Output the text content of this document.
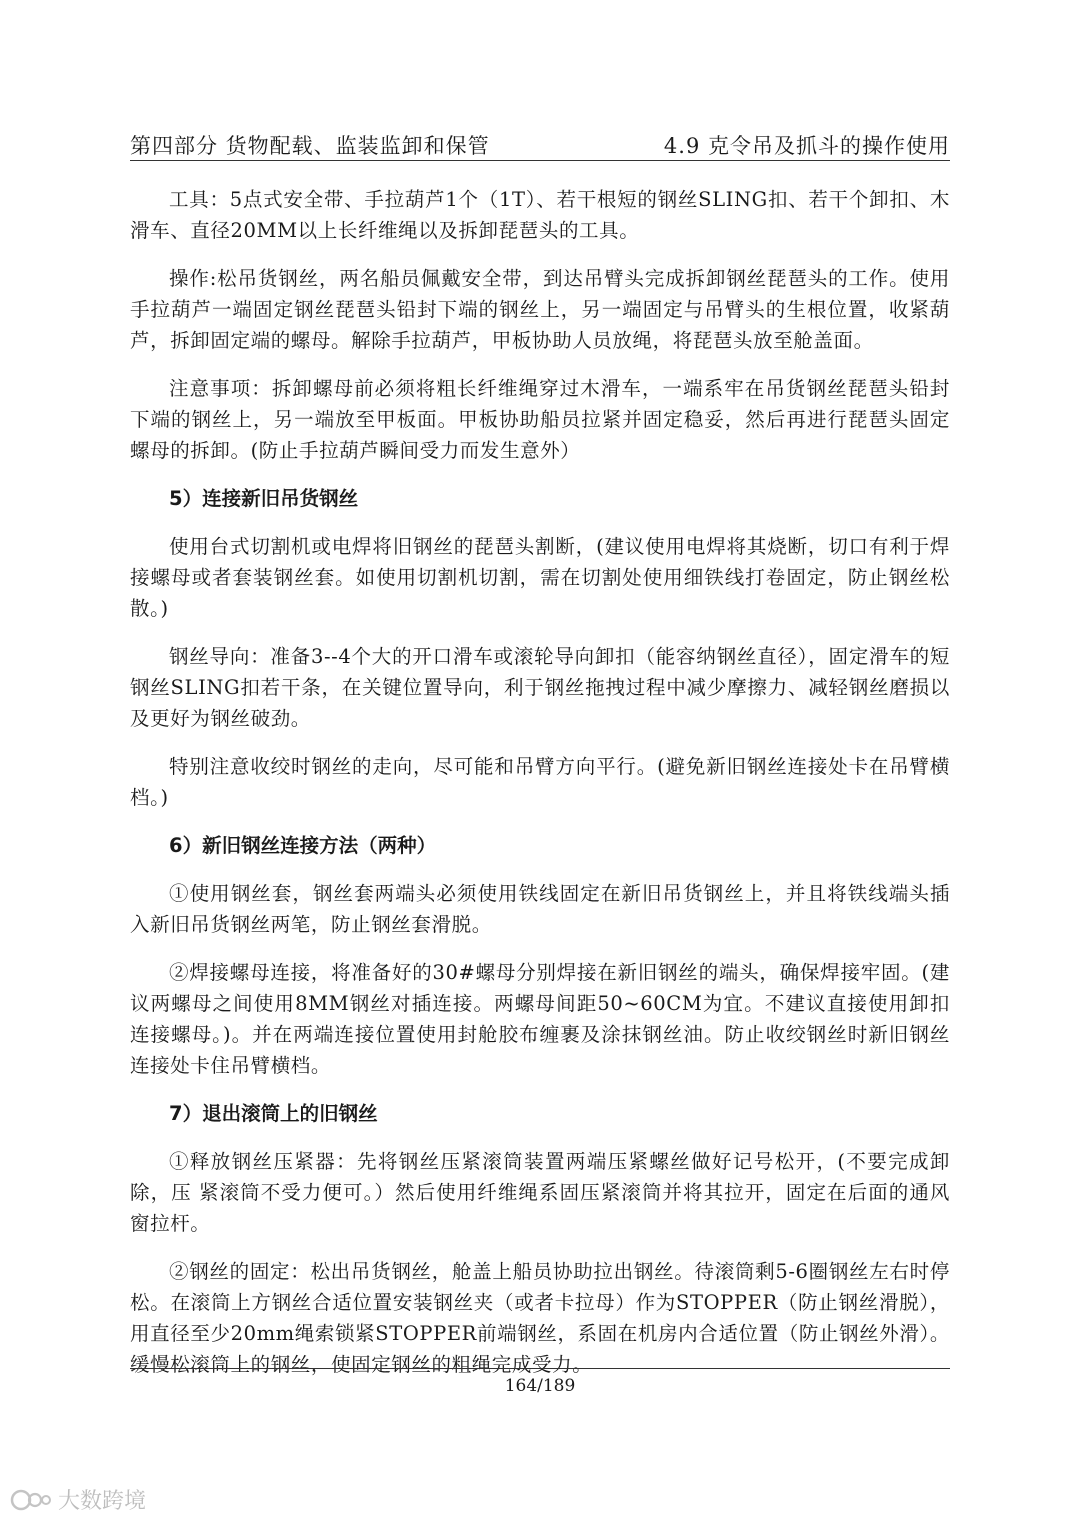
第四部分 货物配载、监装监卸和保管	4.9 克令吊及抓斗的操作使用

工具：5点式安全带、手拉葫芦1个（1T）、若干根短的钢丝SLING扣、若干个卸扣、木滑车、直径20MM以上长纤维绳以及拆卸琵琶头的工具。

操作:松吊货钢丝，两名船员佩戴安全带，到达吊臂头完成拆卸钢丝琵琶头的工作。使用手拉葫芦一端固定钢丝琵琶头铅封下端的钢丝上，另一端固定与吊臂头的生根位置，收紧葫芦，拆卸固定端的螺母。解除手拉葫芦，甲板协助人员放绳，将琵琶头放至舱盖面。

注意事项：拆卸螺母前必须将粗长纤维绳穿过木滑车，一端系牢在吊货钢丝琵琶头铅封下端的钢丝上，另一端放至甲板面。甲板协助船员拉紧并固定稳妥，然后再进行琵琶头固定螺母的拆卸。(防止手拉葫芦瞬间受力而发生意外）

5）连接新旧吊货钢丝

使用台式切割机或电焊将旧钢丝的琵琶头割断，(建议使用电焊将其烧断，切口有利于焊接螺母或者套装钢丝套。如使用切割机切割，需在切割处使用细铁线打卷固定，防止钢丝松散。)

钢丝导向：准备3--4个大的开口滑车或滚轮导向卸扣（能容纳钢丝直径），固定滑车的短钢丝SLING扣若干条，在关键位置导向，利于钢丝拖拽过程中减少摩擦力、减轻钢丝磨损以及更好为钢丝破劲。

特别注意收绞时钢丝的走向，尽可能和吊臂方向平行。(避免新旧钢丝连接处卡在吊臂横档。)

6）新旧钢丝连接方法（两种）

①使用钢丝套，钢丝套两端头必须使用铁线固定在新旧吊货钢丝上，并且将铁线端头插入新旧吊货钢丝两笔，防止钢丝套滑脱。

②焊接螺母连接，将准备好的30#螺母分别焊接在新旧钢丝的端头，确保焊接牢固。(建议两螺母之间使用8MM钢丝对插连接。两螺母间距50~60CM为宜。不建议直接使用卸扣连接螺母。)。并在两端连接位置使用封舱胶布缠裹及涂抹钢丝油。防止收绞钢丝时新旧钢丝连接处卡住吊臂横档。

7）退出滚筒上的旧钢丝

①释放钢丝压紧器：先将钢丝压紧滚筒装置两端压紧螺丝做好记号松开，(不要完成卸除，压 紧滚筒不受力便可。）然后使用纤维绳系固压紧滚筒并将其拉开，固定在后面的通风窗拉杆。

②钢丝的固定：松出吊货钢丝，舱盖上船员协助拉出钢丝。待滚筒剩5-6圈钢丝左右时停松。在滚筒上方钢丝合适位置安装钢丝夹（或者卡拉母）作为STOPPER（防止钢丝滑脱），用直径至少20mm绳索锁紧STOPPER前端钢丝，系固在机房内合适位置（防止钢丝外滑）。缓慢松滚筒上的钢丝，使固定钢丝的粗绳完成受力。

164/189
大数跨境
